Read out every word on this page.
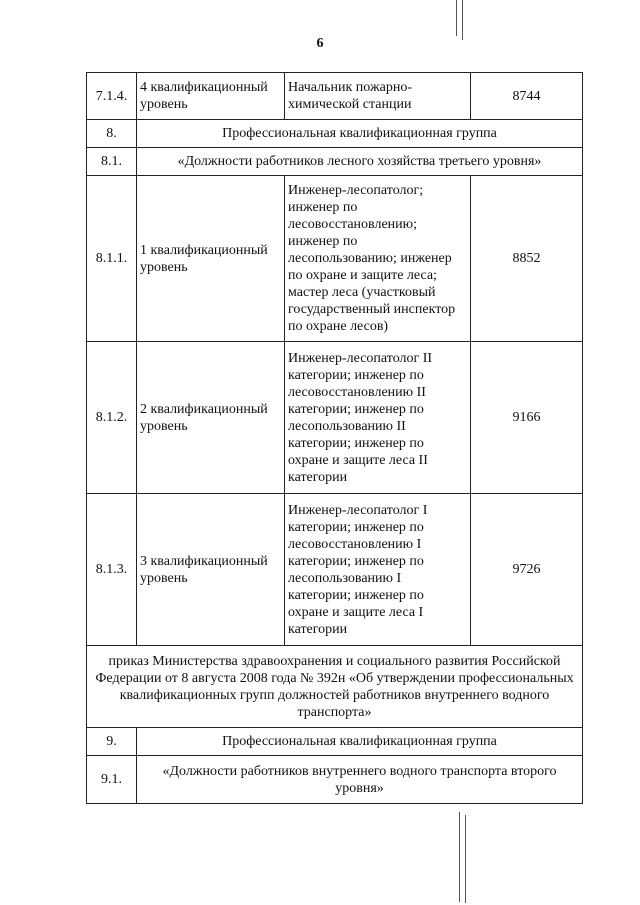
6
7.1.4.	4 квалификационный уровень	Начальник пожарно-химической станции	8744
8.	Профессиональная квалификационная группа		
8.1.	«Должности работников лесного хозяйства третьего уровня»		
8.1.1.	1 квалификационный уровень	Инженер-лесопатолог; инженер по лесовосстановлению; инженер по лесопользованию; инженер по охране и защите леса; мастер леса (участковый государственный инспектор по охране лесов)	8852
8.1.2.	2 квалификационный уровень	Инженер-лесопатолог II категории; инженер по лесовосстановлению II категории; инженер по лесопользованию II категории; инженер по охране и защите леса II категории	9166
8.1.3.	3 квалификационный уровень	Инженер-лесопатолог I категории; инженер по лесовосстановлению I категории; инженер по лесопользованию I категории; инженер по охране и защите леса I категории	9726
приказ Министерства здравоохранения и социального развития Российской Федерации от 8 августа 2008 года № 392н «Об утверждении профессиональных квалификационных групп должностей работников внутреннего водного транспорта»			
9.	Профессиональная квалификационная группа		
9.1.	«Должности работников внутреннего водного транспорта второго уровня»		
